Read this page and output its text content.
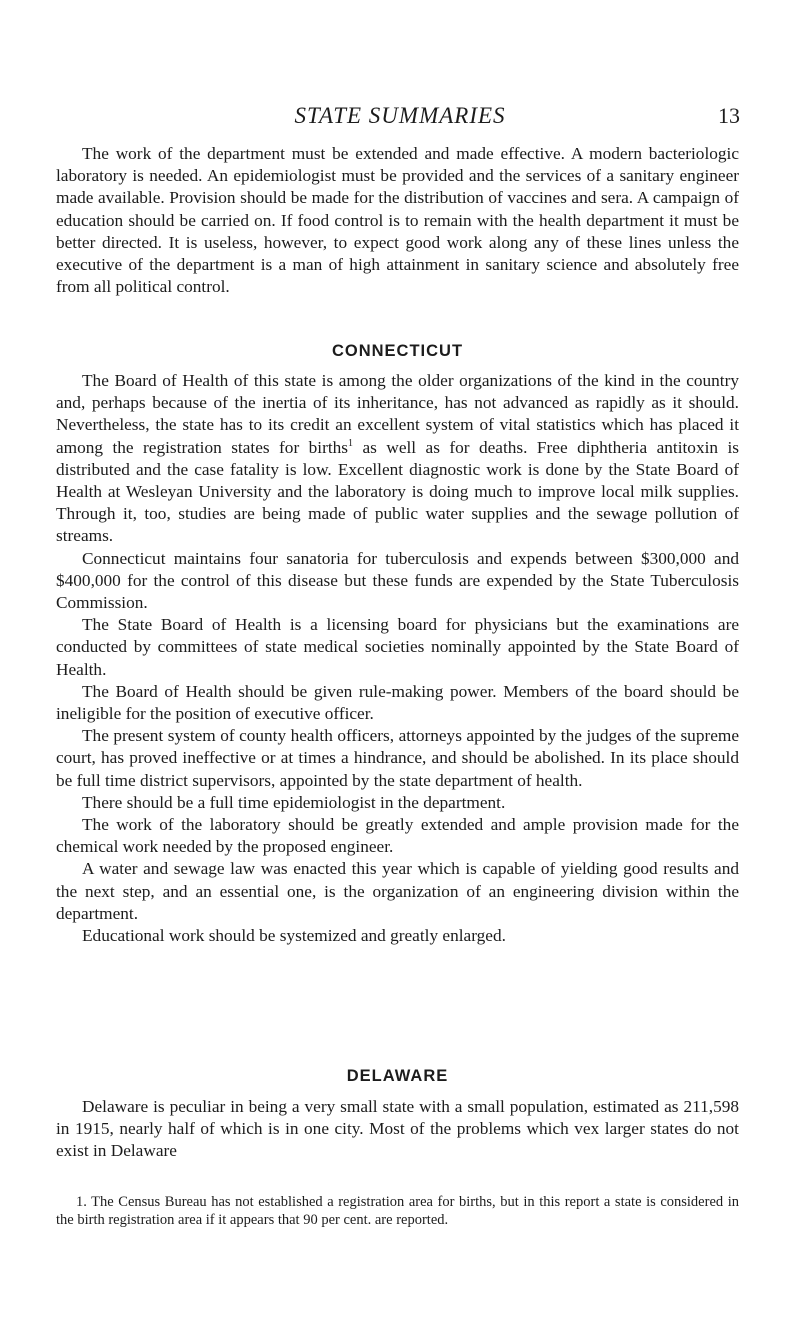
STATE SUMMARIES	13

The work of the department must be extended and made effective. A modern bacteriologic laboratory is needed. An epidemiologist must be provided and the services of a sanitary engineer made available. Provision should be made for the distribution of vaccines and sera. A campaign of education should be carried on. If food control is to remain with the health department it must be better directed. It is useless, however, to expect good work along any of these lines unless the executive of the department is a man of high attainment in sanitary science and absolutely free from all political control.

CONNECTICUT

The Board of Health of this state is among the older organizations of the kind in the country and, perhaps because of the inertia of its inheritance, has not advanced as rapidly as it should. Nevertheless, the state has to its credit an excellent system of vital statistics which has placed it among the registration states for births$^1$ as well as for deaths. Free diphtheria antitoxin is distributed and the case fatality is low. Excellent diagnostic work is done by the State Board of Health at Wesleyan University and the laboratory is doing much to improve local milk supplies. Through it, too, studies are being made of public water supplies and the sewage pollution of streams.

Connecticut maintains four sanatoria for tuberculosis and expends between $300,000 and $400,000 for the control of this disease but these funds are expended by the State Tuberculosis Commission.

The State Board of Health is a licensing board for physicians but the examinations are conducted by committees of state medical societies nominally appointed by the State Board of Health.

The Board of Health should be given rule-making power. Members of the board should be ineligible for the position of executive officer.

The present system of county health officers, attorneys appointed by the judges of the supreme court, has proved ineffective or at times a hindrance, and should be abolished. In its place should be full time district supervisors, appointed by the state department of health.

There should be a full time epidemiologist in the department.

The work of the laboratory should be greatly extended and ample provision made for the chemical work needed by the proposed engineer.

A water and sewage law was enacted this year which is capable of yielding good results and the next step, and an essential one, is the organization of an engineering division within the department.

Educational work should be systemized and greatly enlarged.

DELAWARE

Delaware is peculiar in being a very small state with a small population, estimated as 211,598 in 1915, nearly half of which is in one city. Most of the problems which vex larger states do not exist in Delaware

1. The Census Bureau has not established a registration area for births, but in this report a state is considered in the birth registration area if it appears that 90 per cent. are reported.
